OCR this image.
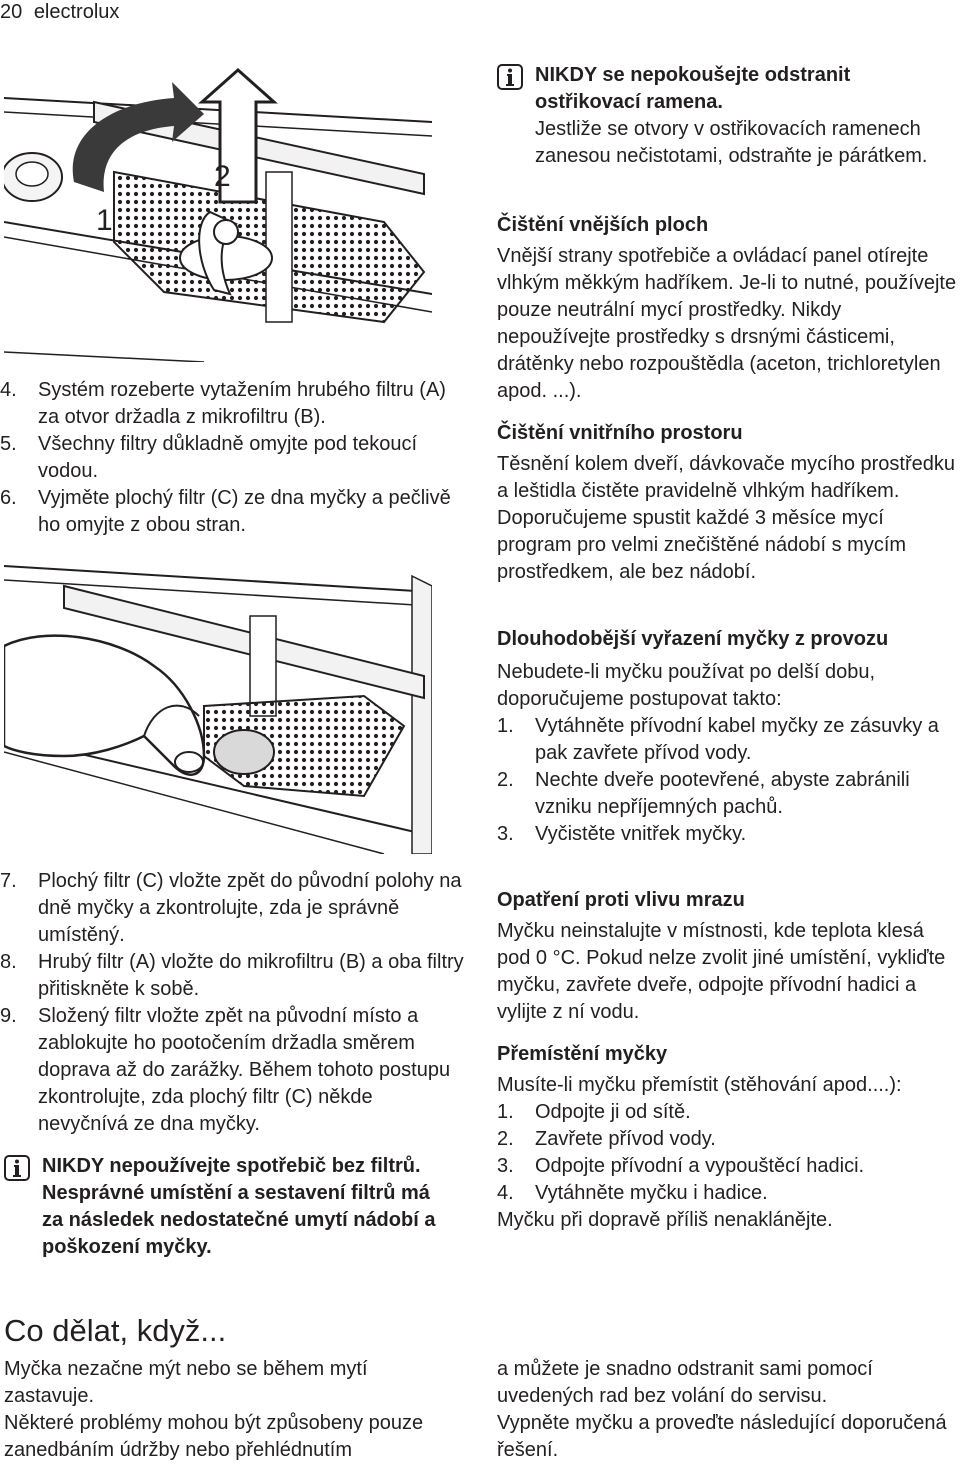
20 electrolux
1
2
4. Systém rozeberte vytažením hrubého filtru (A) za otvor držadla z mikrofiltru (B).
5. Všechny filtry důkladně omyjte pod tekoucí vodou.
6. Vyjměte plochý filtr (C) ze dna myčky a pečlivě ho omyjte z obou stran.
7. Plochý filtr (C) vložte zpět do původní polohy na dně myčky a zkontrolujte, zda je správně umístěný.
8. Hrubý filtr (A) vložte do mikrofiltru (B) a oba filtry přitiskněte k sobě.
9. Složený filtr vložte zpět na původní místo a zablokujte ho pootočením držadla směrem doprava až do zarážky. Během tohoto postupu zkontrolujte, zda plochý filtr (C) někde nevyčnívá ze dna myčky.
NIKDY nepoužívejte spotřebič bez filtrů. Nesprávné umístění a sestavení filtrů má za následek nedostatečné umytí nádobí a poškození myčky.
NIKDY se nepokoušejte odstranit ostřikovací ramena.
Jestliže se otvory v ostřikovacích ramenech zanesou nečistotami, odstraňte je párátkem.
Čištění vnějších ploch

Vnější strany spotřebiče a ovládací panel otírejte vlhkým měkkým hadříkem. Je-li to nutné, používejte pouze neutrální mycí prostředky. Nikdy nepoužívejte prostředky s drsnými částicemi, drátěnky nebo rozpouštědla (aceton, trichloretylen apod. ...).

Čištění vnitřního prostoru

Těsnění kolem dveří, dávkovače mycího prostředku a leštidla čistěte pravidelně vlhkým hadříkem.

Doporučujeme spustit každé 3 měsíce mycí program pro velmi znečištěné nádobí s mycím prostředkem, ale bez nádobí.

Dlouhodobější vyřazení myčky z provozu

Nebudete-li myčku používat po delší dobu, doporučujeme postupovat takto:

1. Vytáhněte přívodní kabel myčky ze zásuvky a pak zavřete přívod vody.
2. Nechte dveře pootevřené, abyste zabránili vzniku nepříjemných pachů.
3. Vyčistěte vnitřek myčky.
Opatření proti vlivu mrazu

Myčku neinstalujte v místnosti, kde teplota klesá pod 0 °C. Pokud nelze zvolit jiné umístění, vykliďte myčku, zavřete dveře, odpojte přívodní hadici a vylijte z ní vodu.

Přemístění myčky

Musíte-li myčku přemístit (stěhování apod....):

1. Odpojte ji od sítě.
2. Zavřete přívod vody.
3. Odpojte přívodní a vypouštěcí hadici.
4. Vytáhněte myčku i hadice.

Myčku při dopravě příliš nenaklánějte.

Co dělat, když...

Myčka nezačne mýt nebo se během mytí zastavuje.

Některé problémy mohou být způsobeny pouze zanedbáním údržby nebo přehlédnutím

a můžete je snadno odstranit sami pomocí uvedených rad bez volání do servisu.

Vypněte myčku a proveďte následující doporučená řešení.
